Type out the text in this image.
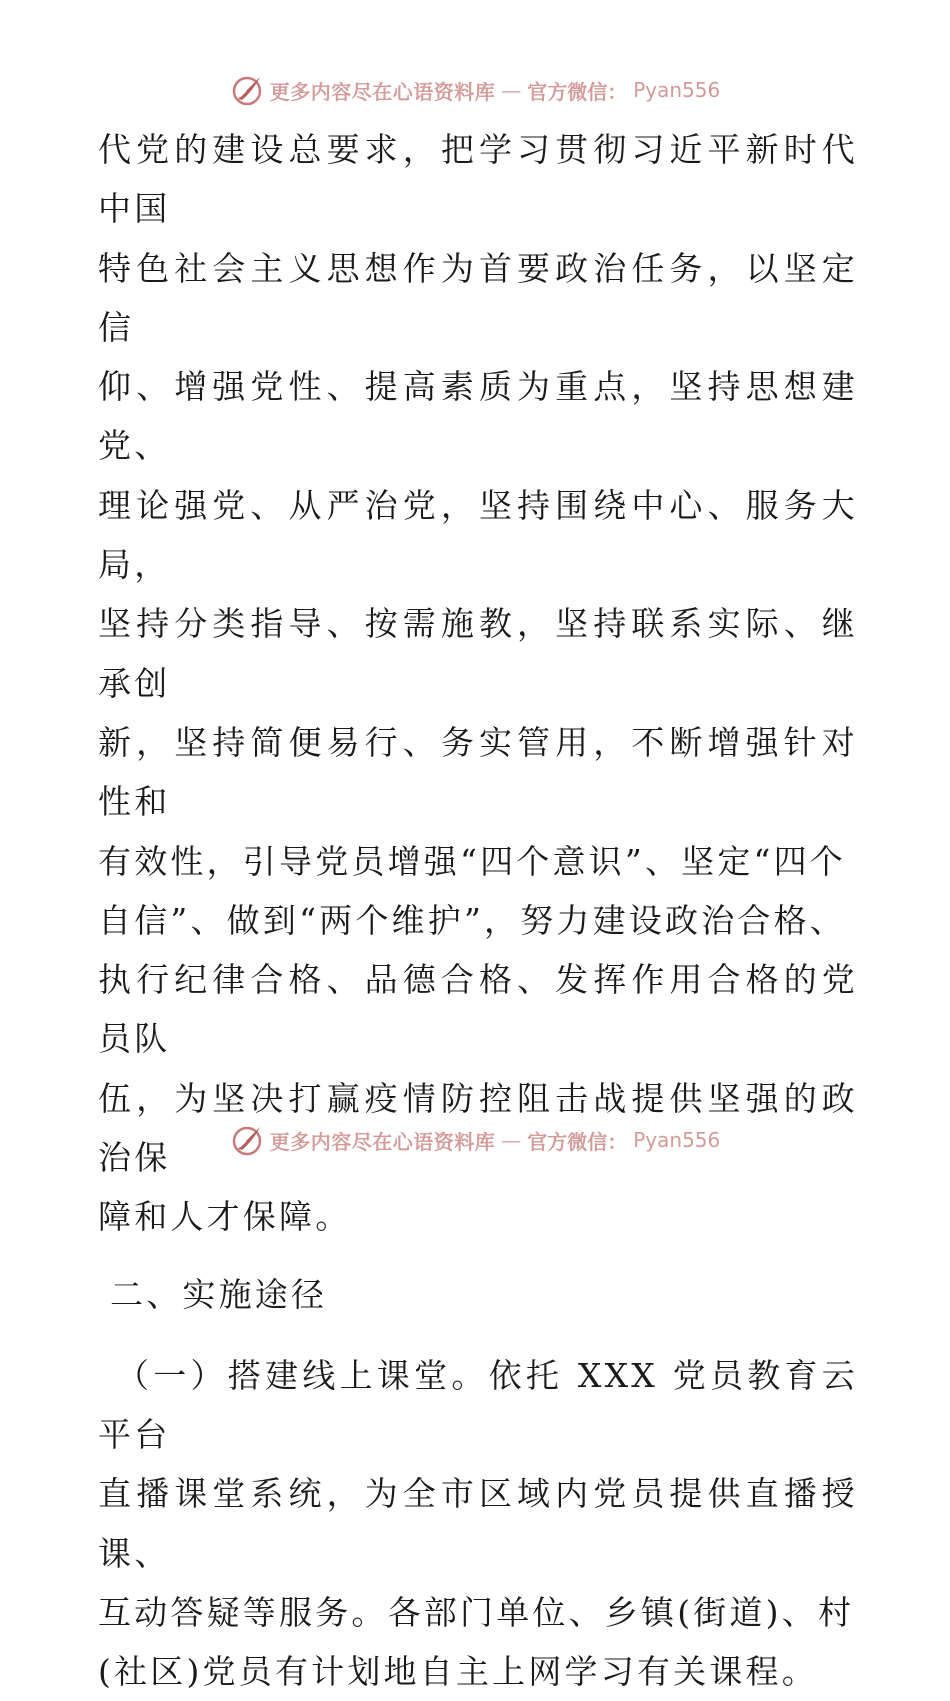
更多内容尽在心语资料库 — 官方微信： Pyan556
代党的建设总要求，把学习贯彻习近平新时代中国
特色社会主义思想作为首要政治任务，以坚定信
仰、增强党性、提高素质为重点，坚持思想建党、
理论强党、从严治党，坚持围绕中心、服务大局，
坚持分类指导、按需施教，坚持联系实际、继承创
新，坚持简便易行、务实管用，不断增强针对性和
有效性，引导党员增强“四个意识”、坚定“四个
自信”、做到“两个维护”，努力建设政治合格、
执行纪律合格、品德合格、发挥作用合格的党员队
伍，为坚决打赢疫情防控阻击战提供坚强的政治保
障和人才保障。
二、实施途径
（一）搭建线上课堂。依托 XXX 党员教育云平台
直播课堂系统，为全市区域内党员提供直播授课、
互动答疑等服务。各部门单位、乡镇(街道)、村
(社区)党员有计划地自主上网学习有关课程。
更多内容尽在心语资料库 — 官方微信： Pyan556
